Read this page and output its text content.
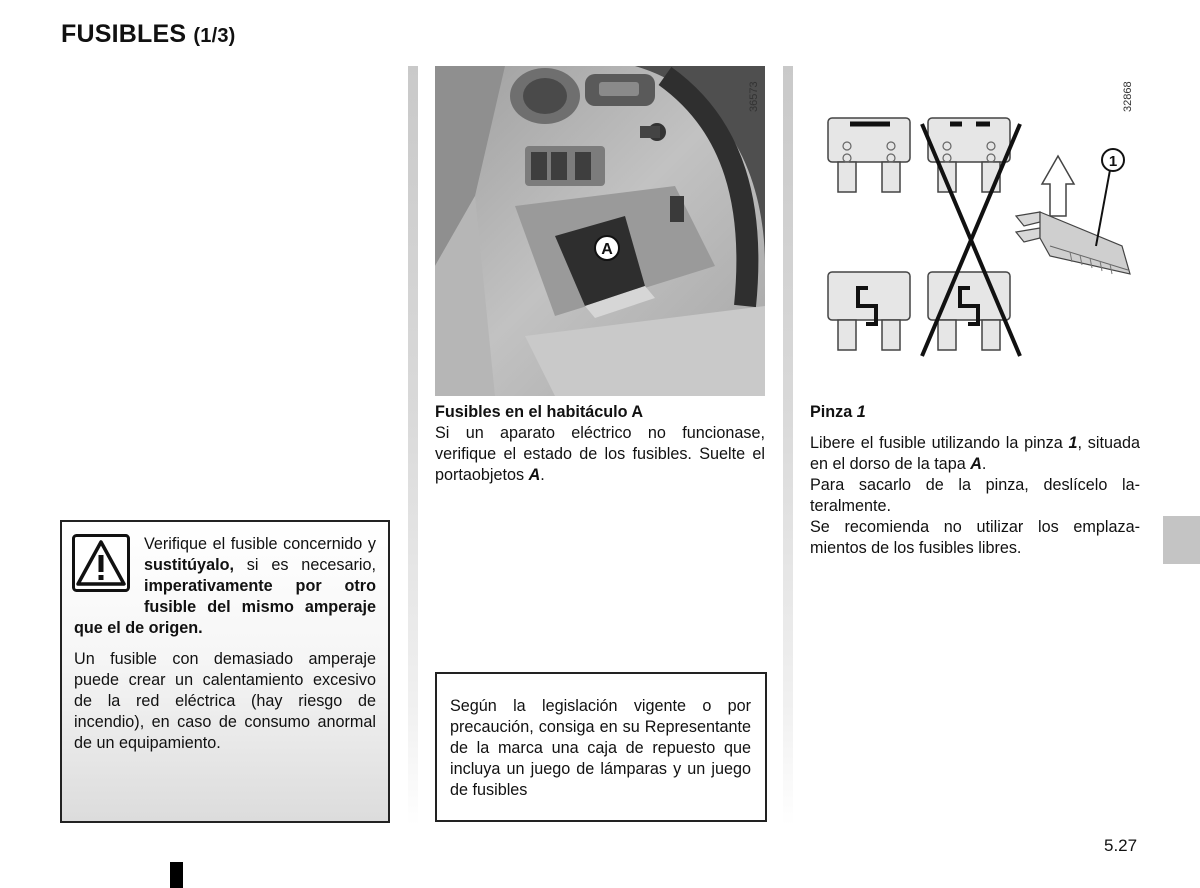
FUSIBLES (1/3)

Verifique el fusible concernido y sustitúyalo, si es necesario, imperativamente por otro fusible del mismo amperaje que el de origen.

Un fusible con demasiado amperaje puede crear un calentamiento excesivo de la red eléctrica (hay riesgo de incendio), en caso de consumo anormal de un equipamiento.

A
36573

Fusibles en el habitáculo A

Si un aparato eléctrico no funcionase, verifique el estado de los fusibles. Suelte el portaobjetos A.

Según la legislación vigente o por precaución, consiga en su Representante de la marca una caja de repuesto que incluya un juego de lámparas y un juego de fusibles

1
32868

Pinza 1

Libere el fusible utilizando la pinza 1, situada en el dorso de la tapa A.

Para sacarlo de la pinza, deslícelo lateralmente.

Se recomienda no utilizar los emplazamientos de los fusibles libres.

5.27
